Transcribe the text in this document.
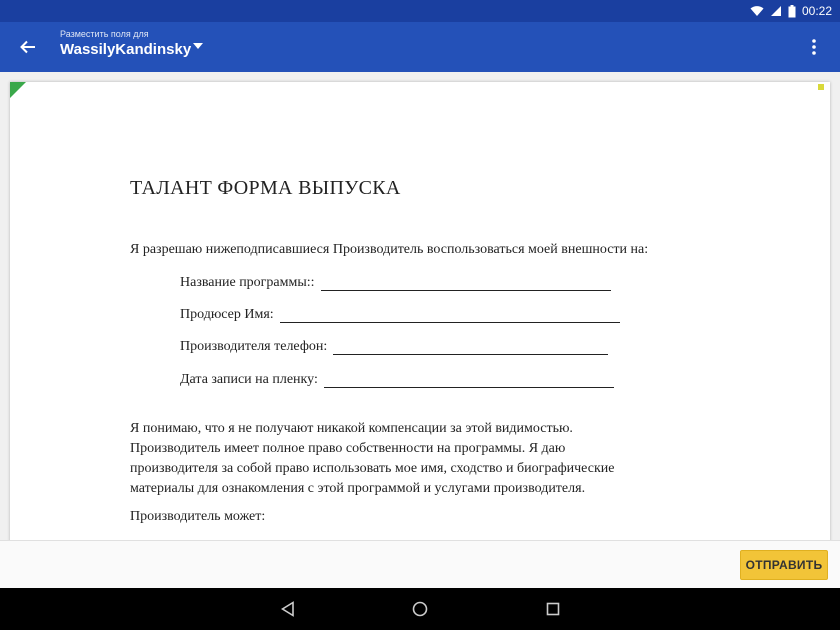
00:22
Разместить поля для
WassilyKandinsky
ТАЛАНТ ФОРМА ВЫПУСКА
Я разрешаю нижеподписавшиеся Производитель воспользоваться моей внешности на:
Название программы::
Продюсер Имя:
Производителя телефон:
Дата записи на пленку:
Я понимаю, что я не получают никакой компенсации за этой видимостью.
Производитель имеет полное право собственности на программы. Я даю
производителя за собой право использовать мое имя, сходство и биографические
материалы для ознакомления с этой программой и услугами производителя.
Производитель может:
ОТПРАВИТЬ
